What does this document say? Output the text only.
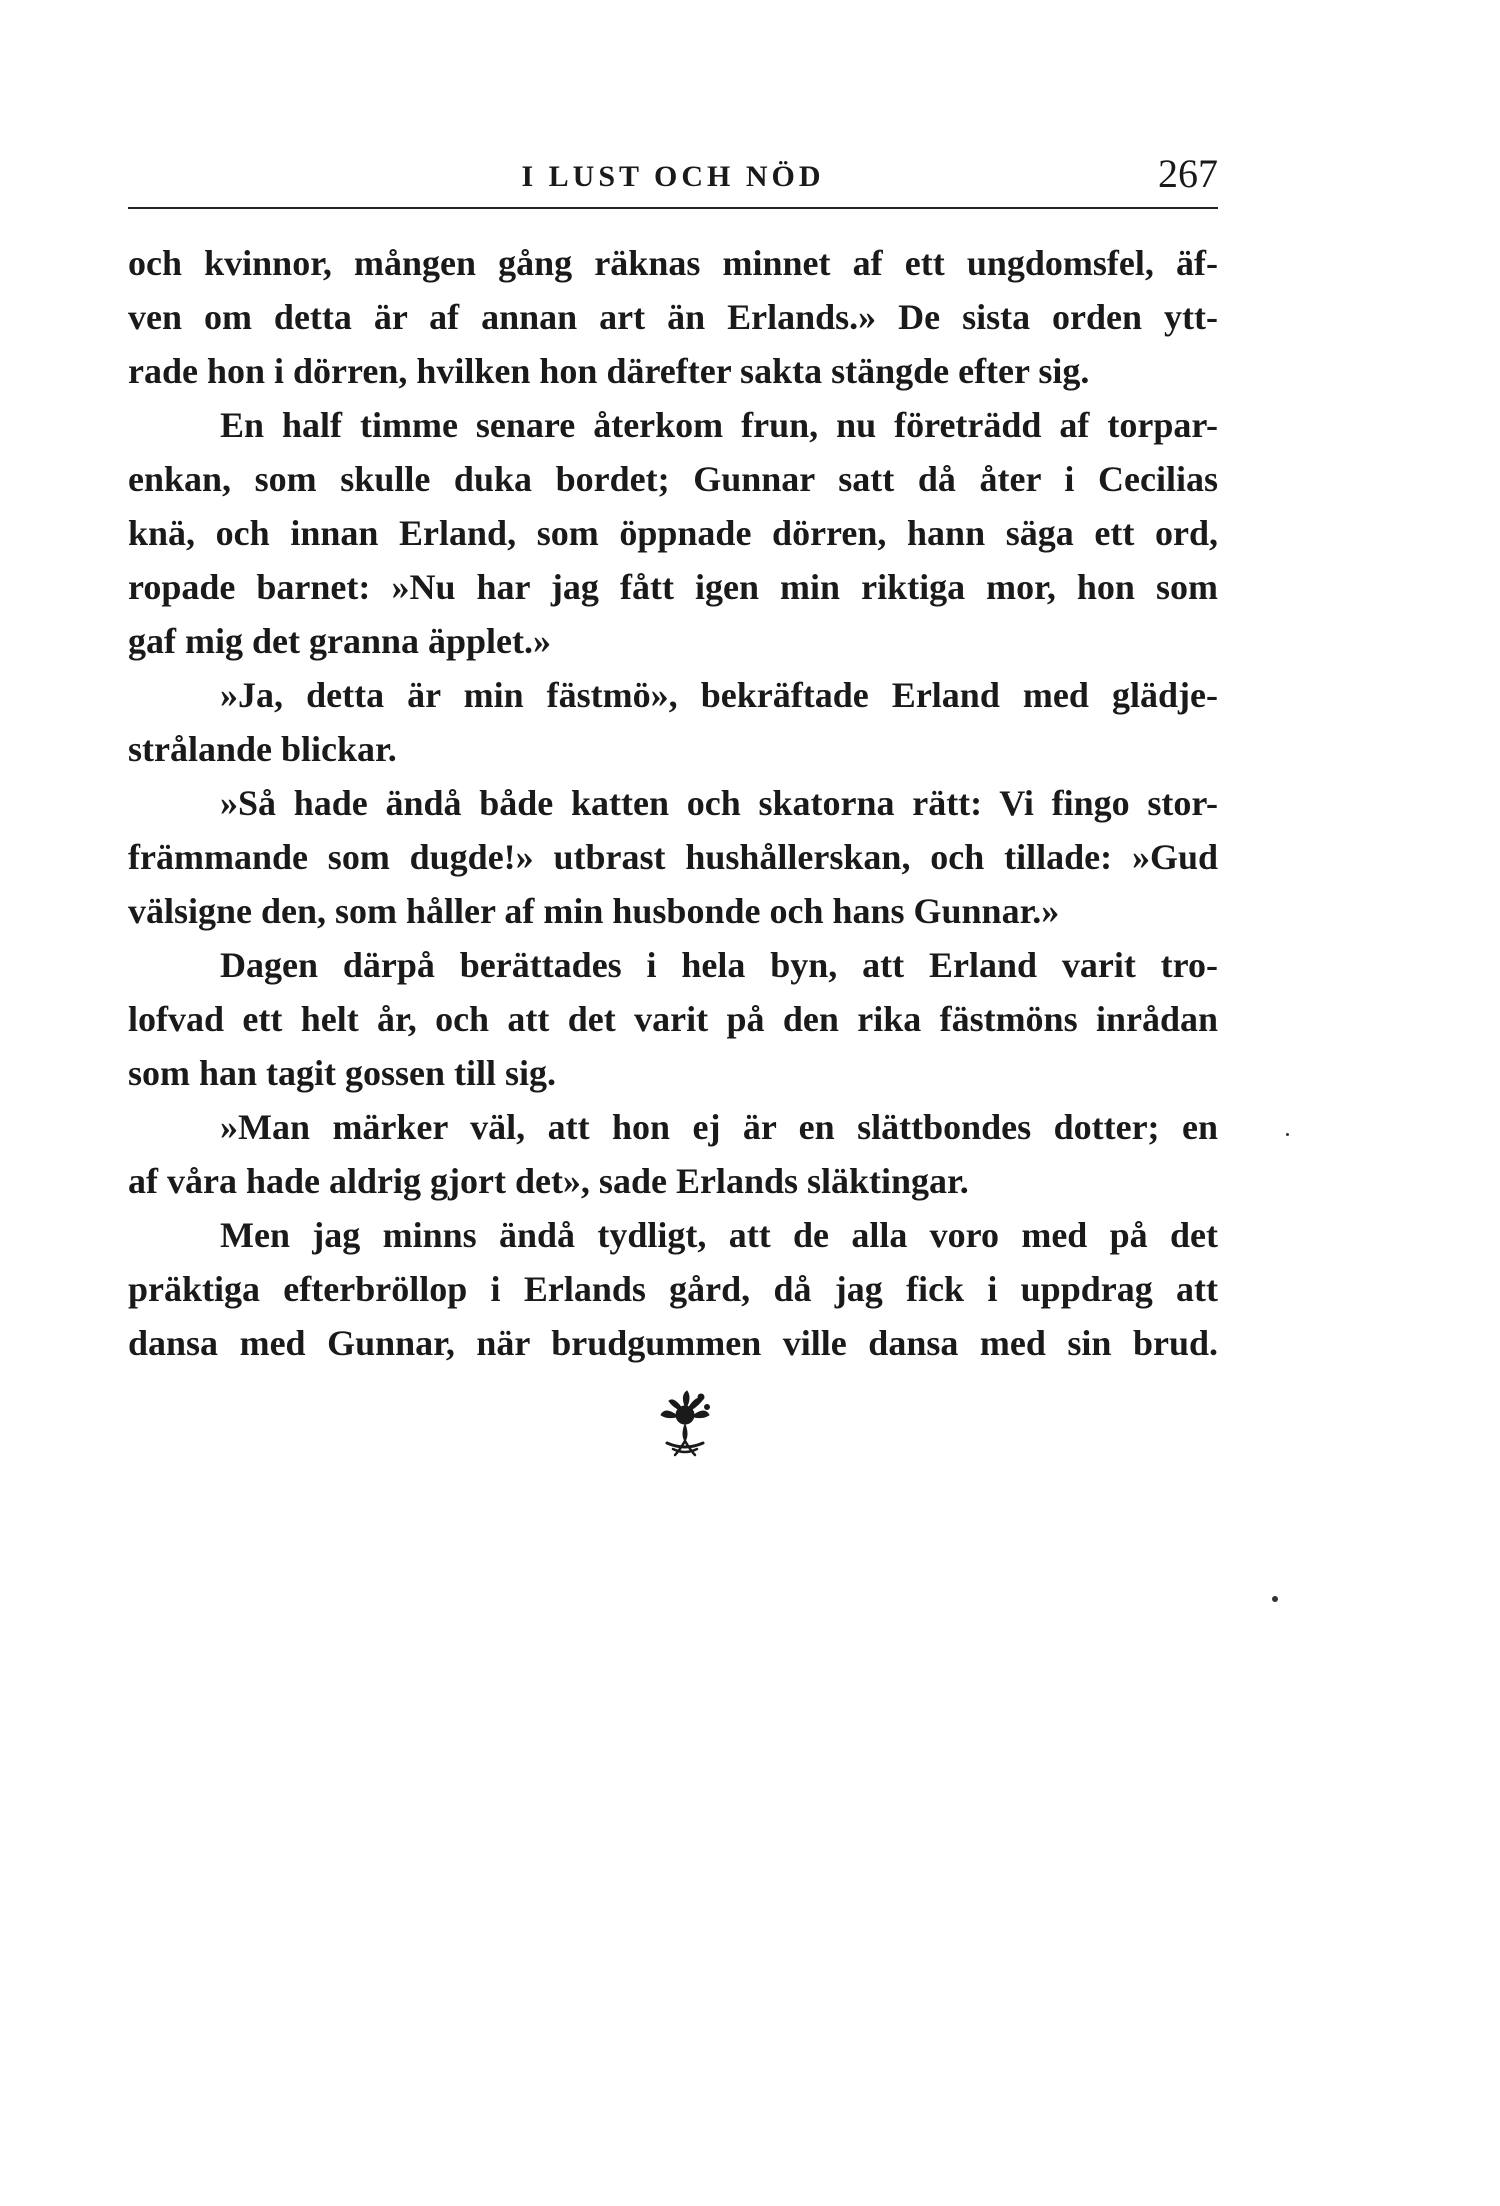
I LUST OCH NÖD	267
och kvinnor, mången gång räknas minnet af ett ungdomsfel, äf-
ven om detta är af annan art än Erlands.» De sista orden ytt-
rade hon i dörren, hvilken hon därefter sakta stängde efter sig.
En half timme senare återkom frun, nu företrädd af torpar-
enkan, som skulle duka bordet; Gunnar satt då åter i Cecilias
knä, och innan Erland, som öppnade dörren, hann säga ett ord,
ropade barnet: »Nu har jag fått igen min riktiga mor, hon som
gaf mig det granna äpplet.»
»Ja, detta är min fästmö», bekräftade Erland med glädje-
strålande blickar.
»Så hade ändå både katten och skatorna rätt: Vi fingo stor-
främmande som dugde!» utbrast hushållerskan, och tillade: »Gud
välsigne den, som håller af min husbonde och hans Gunnar.»
Dagen därpå berättades i hela byn, att Erland varit tro-
lofvad ett helt år, och att det varit på den rika fästmöns inrådan
som han tagit gossen till sig.
»Man märker väl, att hon ej är en slättbondes dotter; en
af våra hade aldrig gjort det», sade Erlands släktingar.
Men jag minns ändå tydligt, att de alla voro med på det
präktiga efterbröllop i Erlands gård, då jag fick i uppdrag att
dansa med Gunnar, när brudgummen ville dansa med sin brud.
